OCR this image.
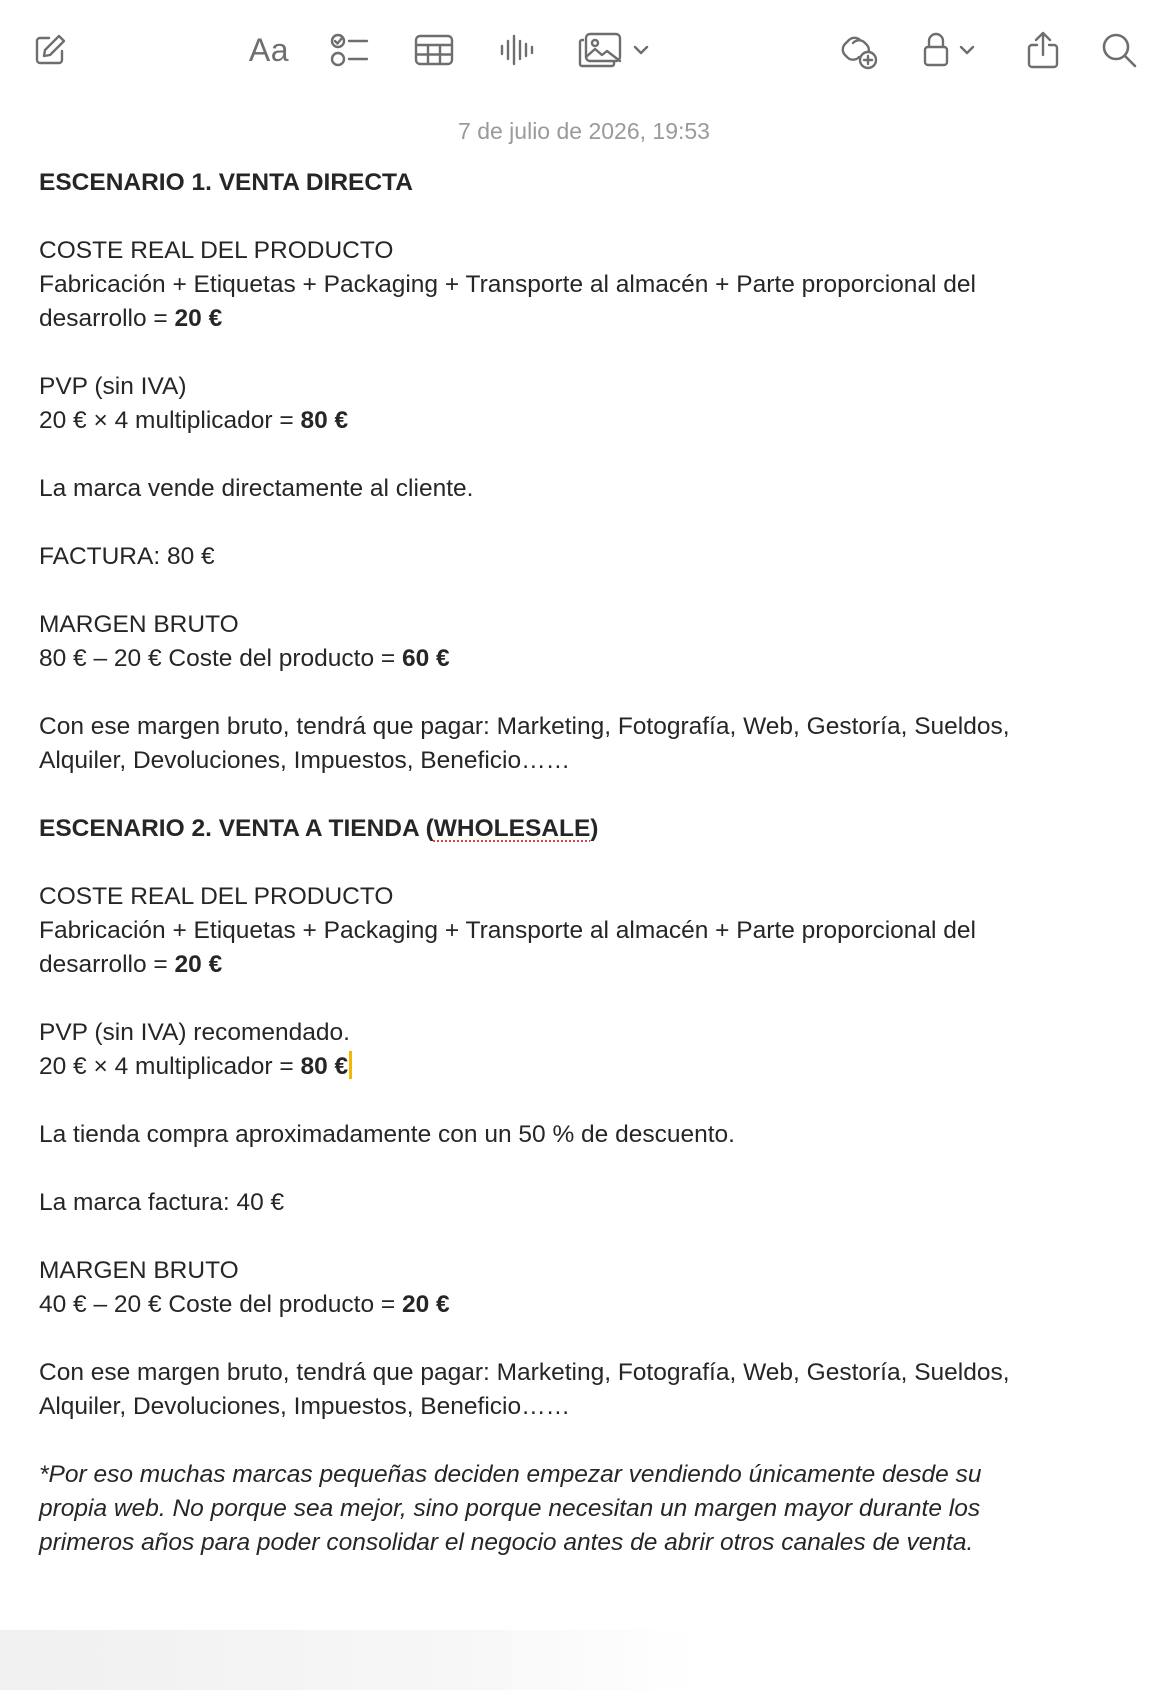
Aa
7 de julio de 2026, 19:53

ESCENARIO 1. VENTA DIRECTA

COSTE REAL DEL PRODUCTO

Fabricación + Etiquetas + Packaging + Transporte al almacén + Parte proporcional del

desarrollo = 20 €

PVP (sin IVA)

20 € × 4 multiplicador = 80 €

La marca vende directamente al cliente.

FACTURA: 80 €

MARGEN BRUTO

80 € – 20 € Coste del producto = 60 €

Con ese margen bruto, tendrá que pagar: Marketing, Fotografía, Web, Gestoría, Sueldos,

Alquiler, Devoluciones, Impuestos, Beneficio……

ESCENARIO 2. VENTA A TIENDA (WHOLESALE)

COSTE REAL DEL PRODUCTO

Fabricación + Etiquetas + Packaging + Transporte al almacén + Parte proporcional del

desarrollo = 20 €

PVP (sin IVA) recomendado.

20 € × 4 multiplicador = 80 €

La tienda compra aproximadamente con un 50 % de descuento.

La marca factura: 40 €

MARGEN BRUTO

40 € – 20 € Coste del producto = 20 €

Con ese margen bruto, tendrá que pagar: Marketing, Fotografía, Web, Gestoría, Sueldos,

Alquiler, Devoluciones, Impuestos, Beneficio……

*Por eso muchas marcas pequeñas deciden empezar vendiendo únicamente desde su

propia web. No porque sea mejor, sino porque necesitan un margen mayor durante los

primeros años para poder consolidar el negocio antes de abrir otros canales de venta.
